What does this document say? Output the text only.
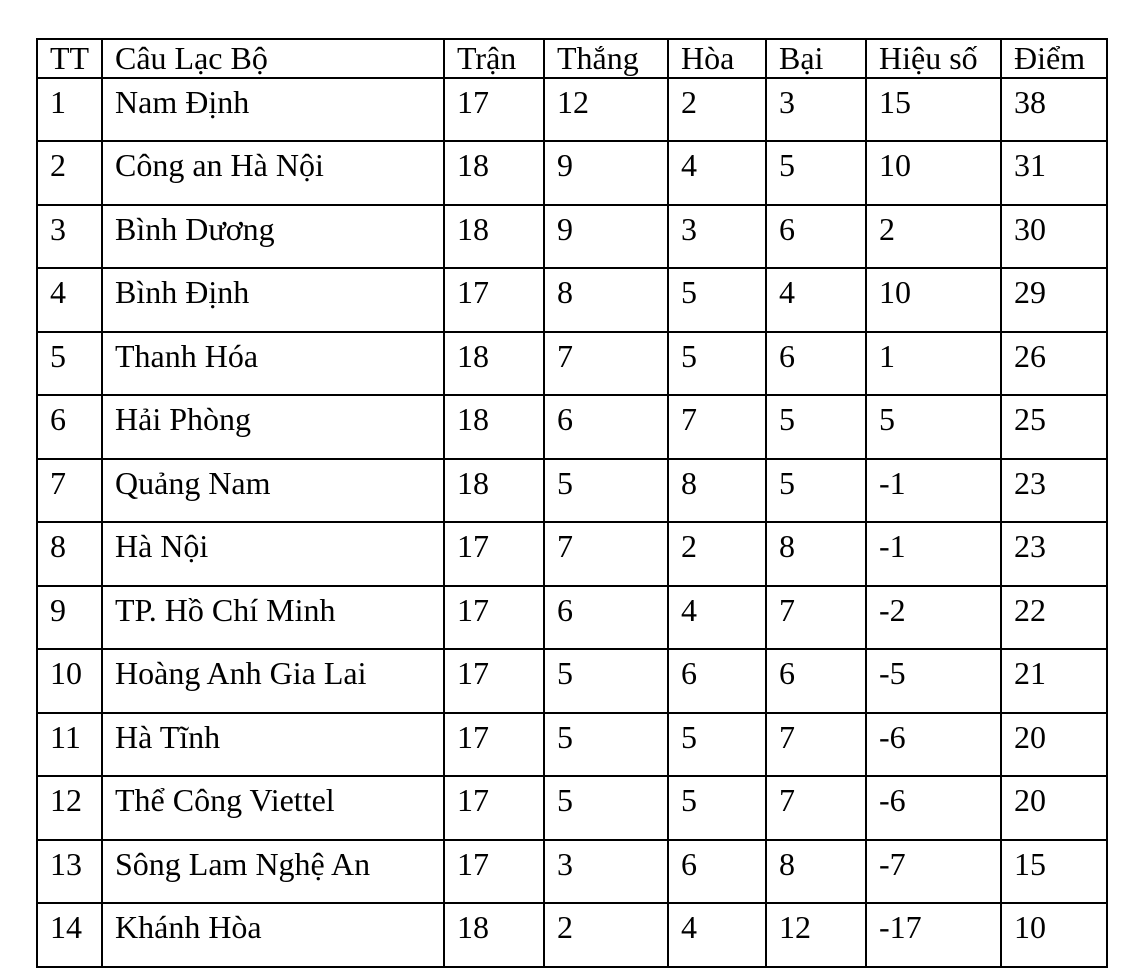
TT	Câu Lạc Bộ	Trận	Thắng	Hòa	Bại	Hiệu số	Điểm
1	Nam Định	17	12	2	3	15	38
2	Công an Hà Nội	18	9	4	5	10	31
3	Bình Dương	18	9	3	6	2	30
4	Bình Định	17	8	5	4	10	29
5	Thanh Hóa	18	7	5	6	1	26
6	Hải Phòng	18	6	7	5	5	25
7	Quảng Nam	18	5	8	5	-1	23
8	Hà Nội	17	7	2	8	-1	23
9	TP. Hồ Chí Minh	17	6	4	7	-2	22
10	Hoàng Anh Gia Lai	17	5	6	6	-5	21
11	Hà Tĩnh	17	5	5	7	-6	20
12	Thể Công Viettel	17	5	5	7	-6	20
13	Sông Lam Nghệ An	17	3	6	8	-7	15
14	Khánh Hòa	18	2	4	12	-17	10
